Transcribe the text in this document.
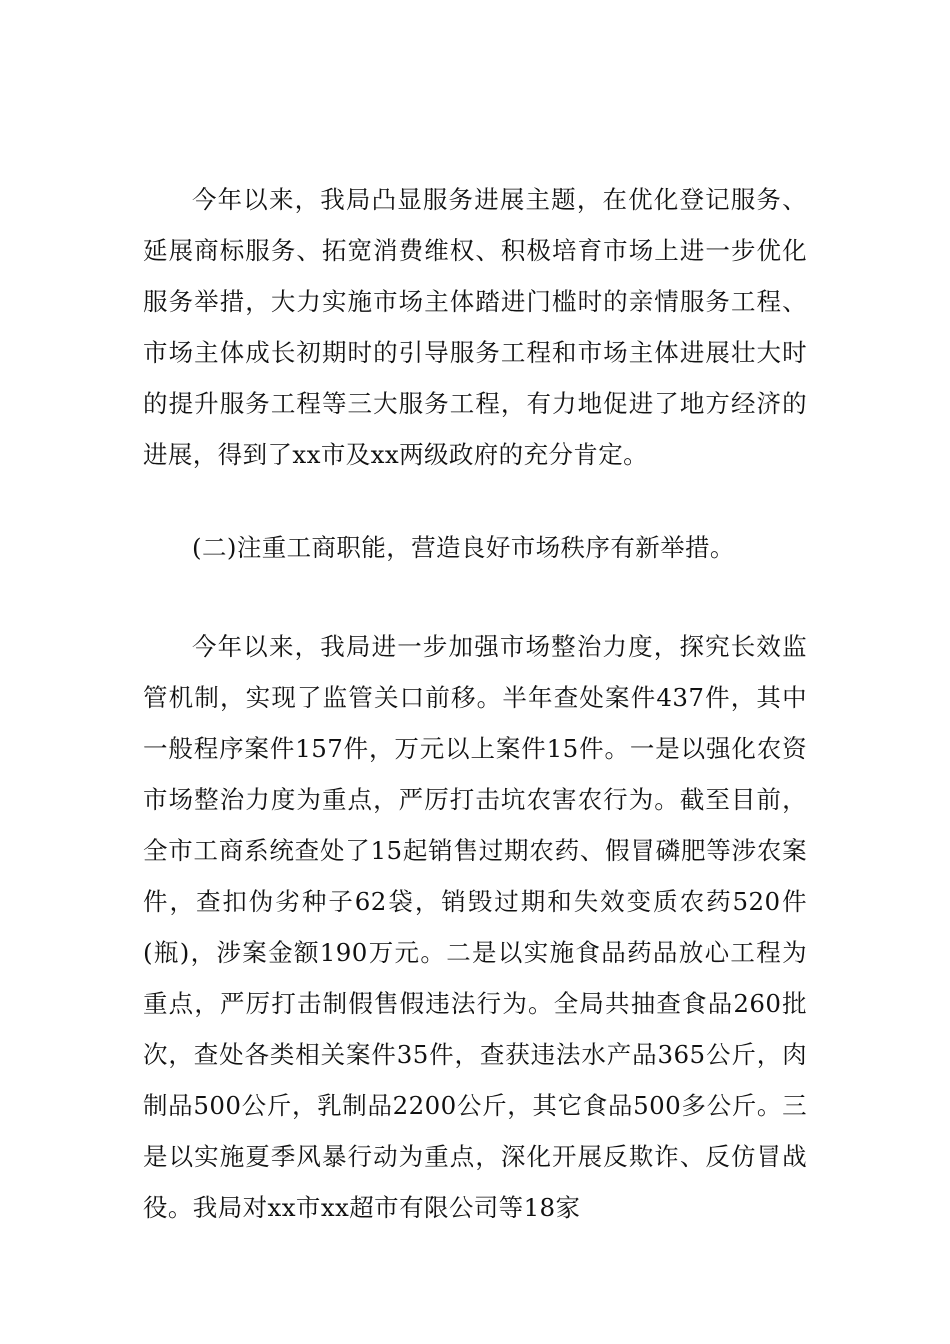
今年以来，我局凸显服务进展主题，在优化登记服务、延展商标服务、拓宽消费维权、积极培育市场上进一步优化服务举措，大力实施市场主体踏进门槛时的亲情服务工程、市场主体成长初期时的引导服务工程和市场主体进展壮大时的提升服务工程等三大服务工程，有力地促进了地方经济的进展，得到了xx市及xx两级政府的充分肯定。

(二)注重工商职能，营造良好市场秩序有新举措。

今年以来，我局进一步加强市场整治力度，探究长效监管机制，实现了监管关口前移。半年查处案件437件，其中一般程序案件157件，万元以上案件15件。一是以强化农资市场整治力度为重点，严厉打击坑农害农行为。截至目前，全市工商系统查处了15起销售过期农药、假冒磷肥等涉农案件，查扣伪劣种子62袋，销毁过期和失效变质农药520件(瓶)，涉案金额190万元。二是以实施食品药品放心工程为重点，严厉打击制假售假违法行为。全局共抽查食品260批次，查处各类相关案件35件，查获违法水产品365公斤，肉制品500公斤，乳制品2200公斤，其它食品500多公斤。三是以实施夏季风暴行动为重点，深化开展反欺诈、反仿冒战役。我局对xx市xx超市有限公司等18家
